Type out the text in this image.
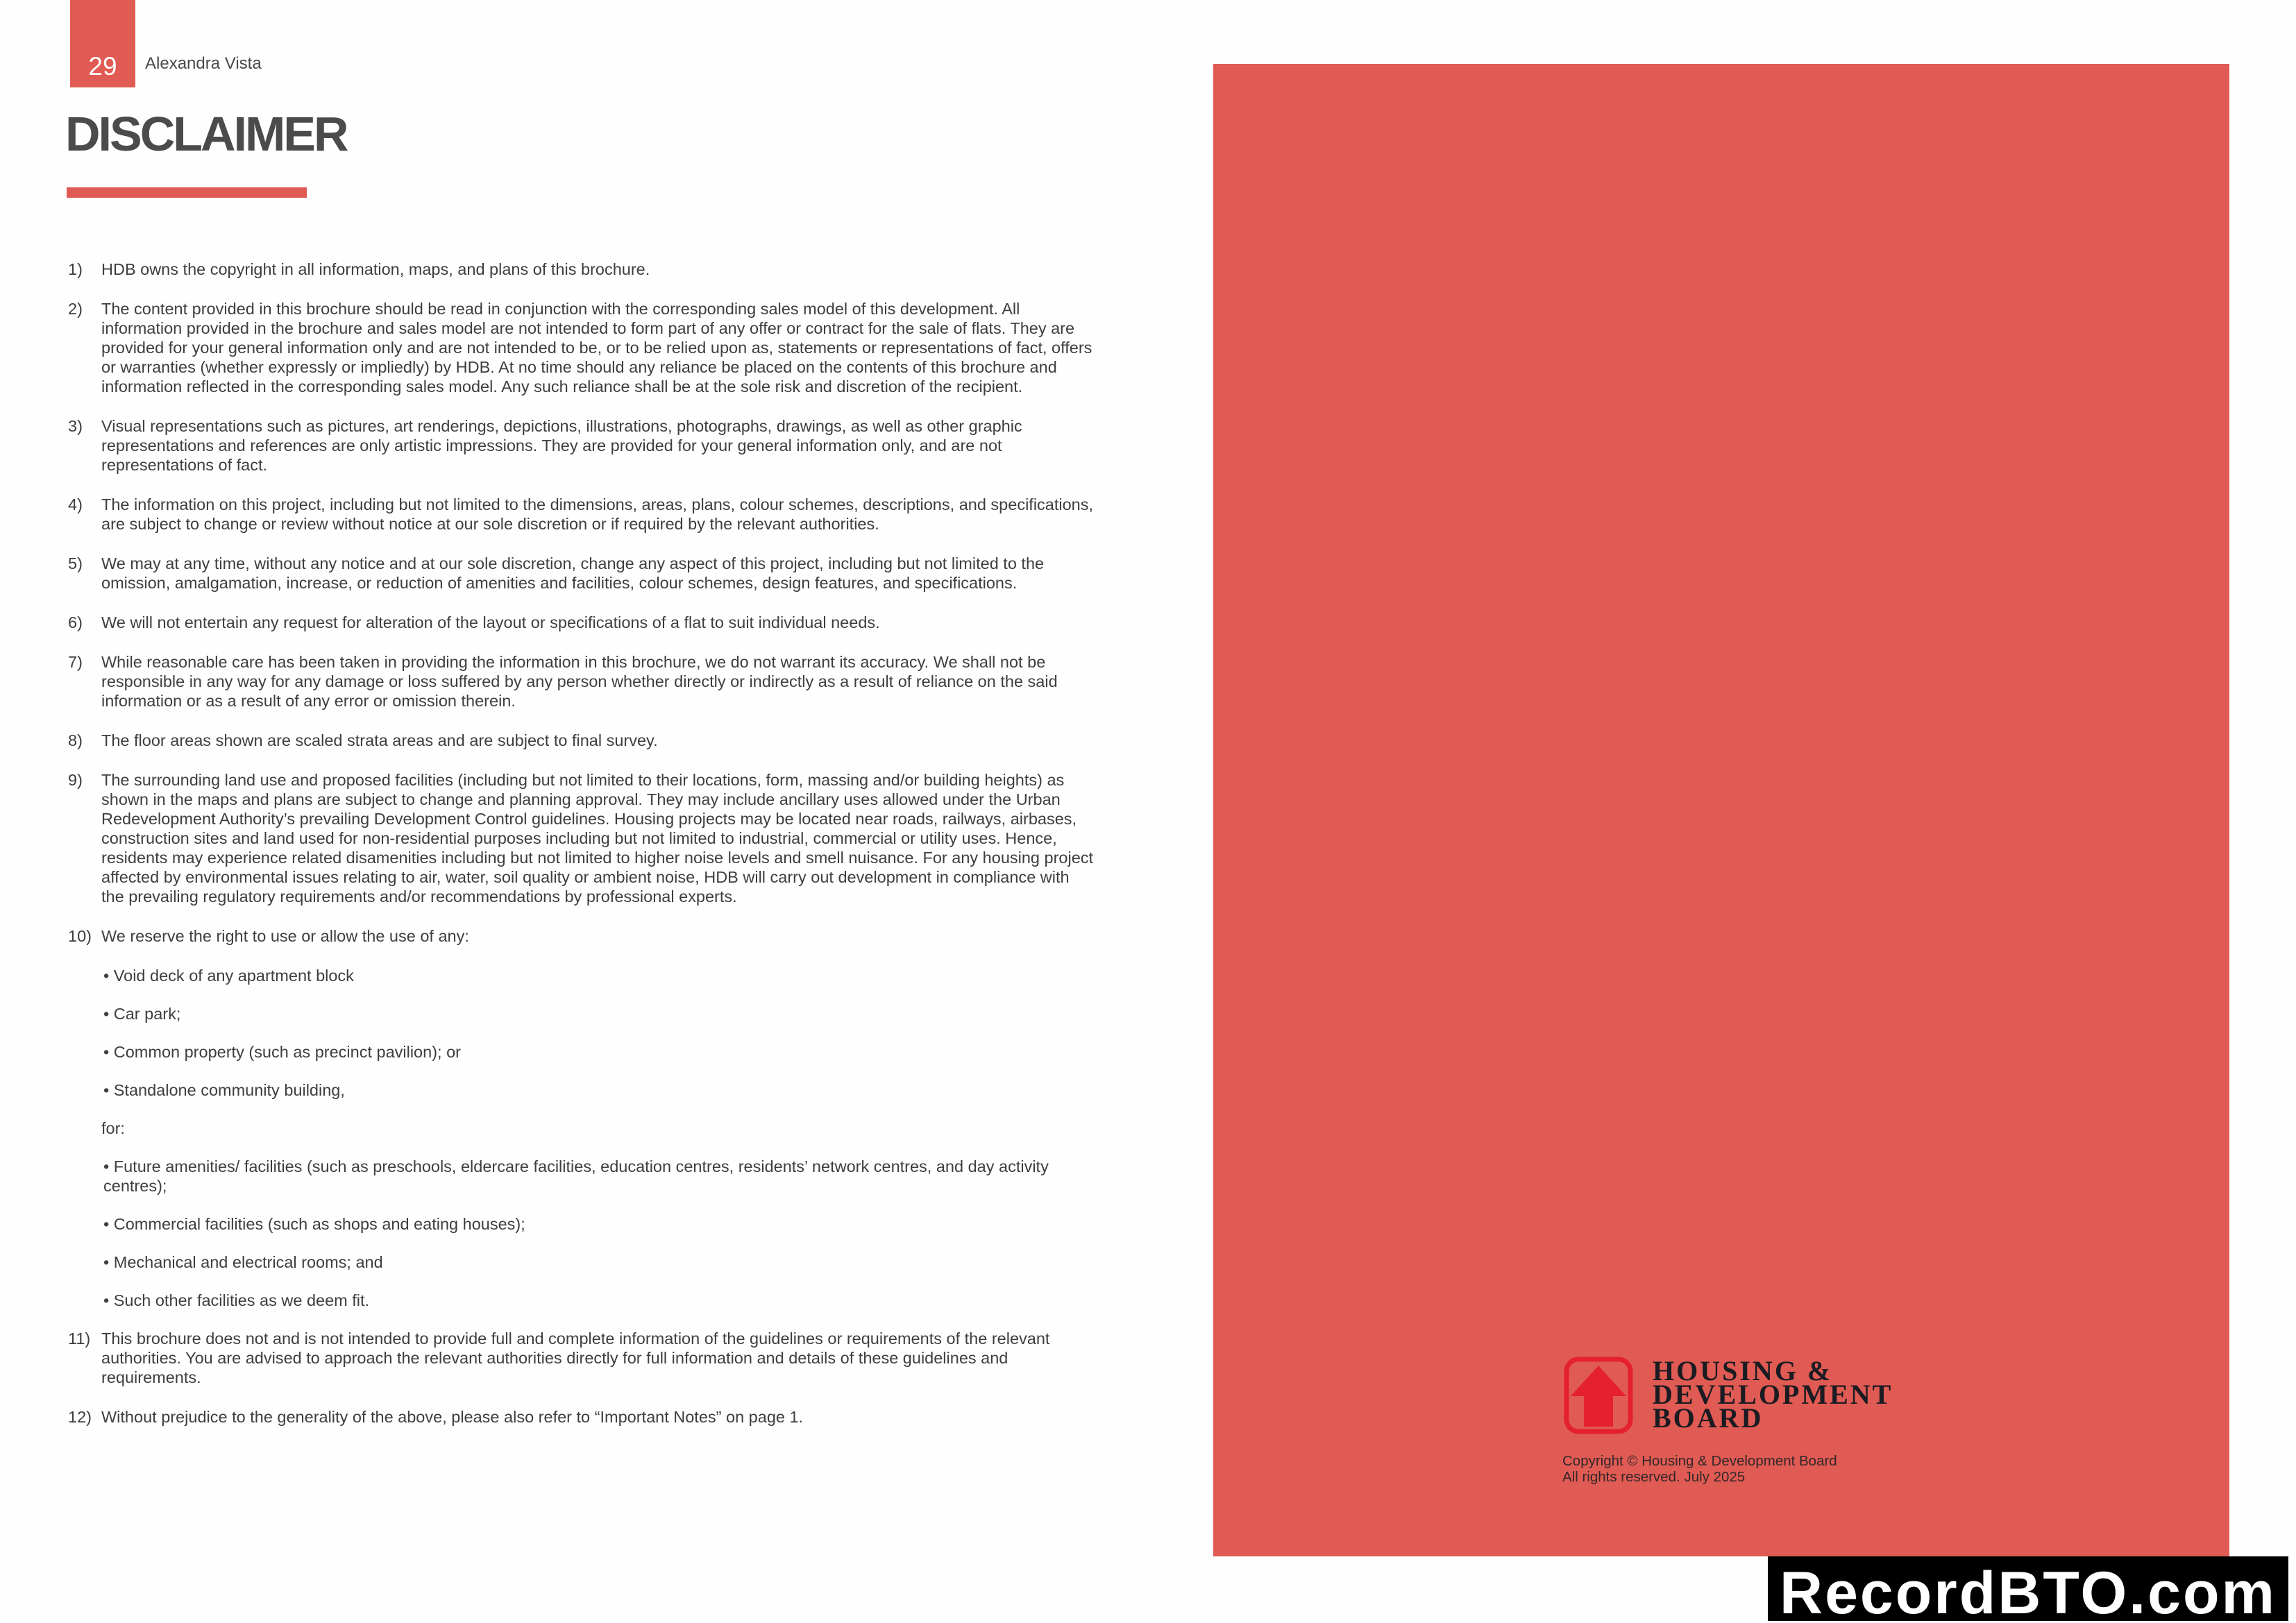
29 Alexandra Vista
DISCLAIMER
1) HDB owns the copyright in all information, maps, and plans of this brochure.
2) The content provided in this brochure should be read in conjunction with the corresponding sales model of this development. All information provided in the brochure and sales model are not intended to form part of any offer or contract for the sale of flats. They are provided for your general information only and are not intended to be, or to be relied upon as, statements or representations of fact, offers or warranties (whether expressly or impliedly) by HDB. At no time should any reliance be placed on the contents of this brochure and information reflected in the corresponding sales model. Any such reliance shall be at the sole risk and discretion of the recipient.
3) Visual representations such as pictures, art renderings, depictions, illustrations, photographs, drawings, as well as other graphic representations and references are only artistic impressions. They are provided for your general information only, and are not representations of fact.
4) The information on this project, including but not limited to the dimensions, areas, plans, colour schemes, descriptions, and specifications, are subject to change or review without notice at our sole discretion or if required by the relevant authorities.
5) We may at any time, without any notice and at our sole discretion, change any aspect of this project, including but not limited to the omission, amalgamation, increase, or reduction of amenities and facilities, colour schemes, design features, and specifications.
6) We will not entertain any request for alteration of the layout or specifications of a flat to suit individual needs.
7) While reasonable care has been taken in providing the information in this brochure, we do not warrant its accuracy. We shall not be responsible in any way for any damage or loss suffered by any person whether directly or indirectly as a result of reliance on the said information or as a result of any error or omission therein.
8) The floor areas shown are scaled strata areas and are subject to final survey.
9) The surrounding land use and proposed facilities (including but not limited to their locations, form, massing and/or building heights) as shown in the maps and plans are subject to change and planning approval. They may include ancillary uses allowed under the Urban Redevelopment Authority’s prevailing Development Control guidelines. Housing projects may be located near roads, railways, airbases, construction sites and land used for non-residential purposes including but not limited to industrial, commercial or utility uses. Hence, residents may experience related disamenities including but not limited to higher noise levels and smell nuisance. For any housing project affected by environmental issues relating to air, water, soil quality or ambient noise, HDB will carry out development in compliance with the prevailing regulatory requirements and/or recommendations by professional experts.
10) We reserve the right to use or allow the use of any:
• Void deck of any apartment block
• Car park;
• Common property (such as precinct pavilion); or
• Standalone community building,
for:
• Future amenities/ facilities (such as preschools, eldercare facilities, education centres, residents’ network centres, and day activity centres);
• Commercial facilities (such as shops and eating houses);
• Mechanical and electrical rooms; and
• Such other facilities as we deem fit.
11) This brochure does not and is not intended to provide full and complete information of the guidelines or requirements of the relevant authorities. You are advised to approach the relevant authorities directly for full information and details of these guidelines and requirements.
12) Without prejudice to the generality of the above, please also refer to “Important Notes” on page 1.
HOUSING &
DEVELOPMENT
BOARD
Copyright © Housing & Development Board
All rights reserved. July 2025
RecordBTO.com
